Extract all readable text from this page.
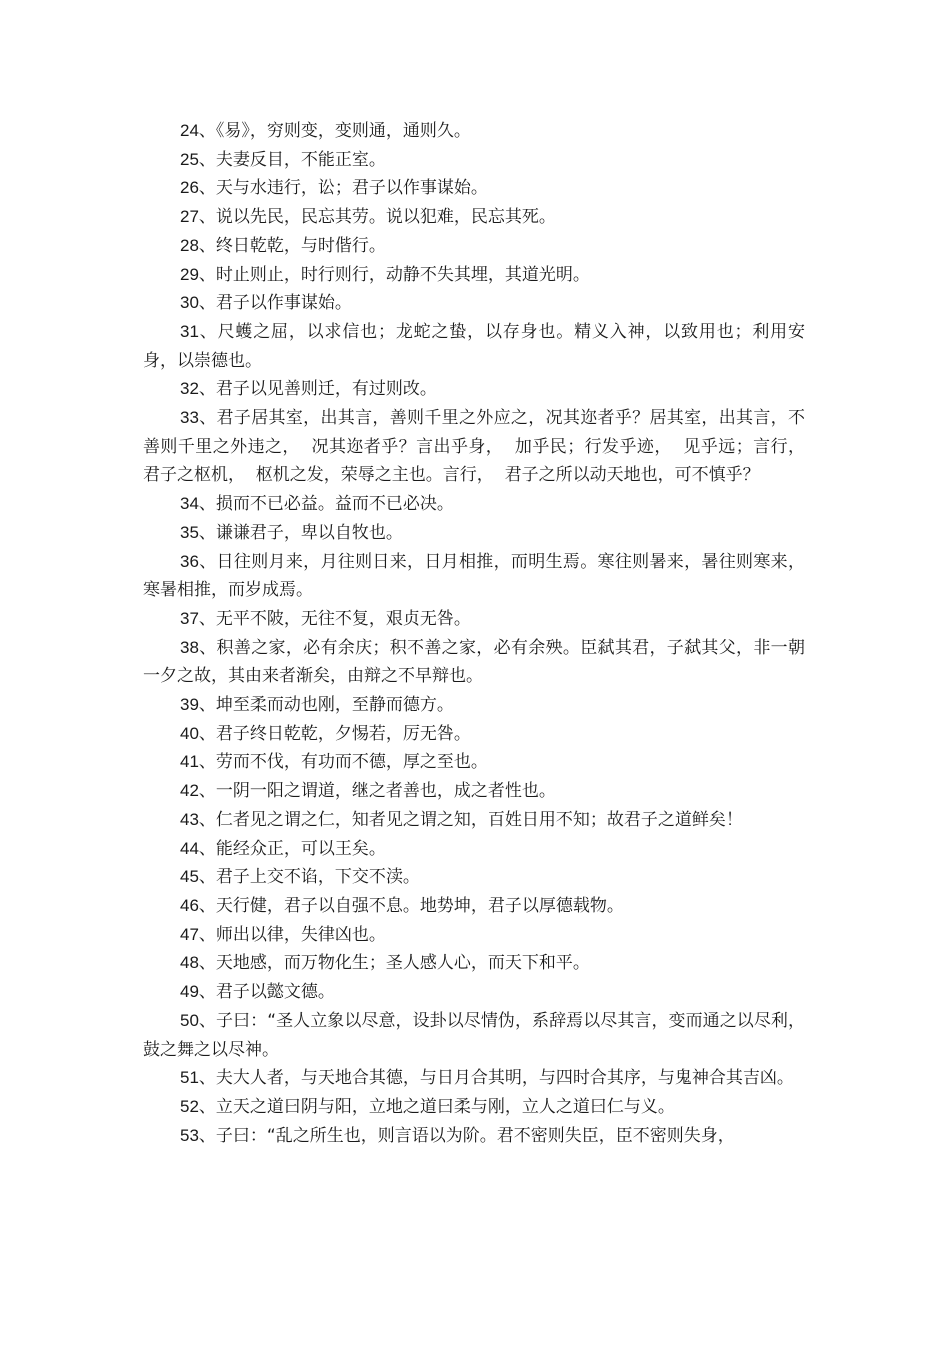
24、《易》，穷则变，变则通，通则久。

25、夫妻反目，不能正室。

26、天与水违行，讼；君子以作事谋始。

27、说以先民，民忘其劳。说以犯难，民忘其死。

28、终日乾乾，与时偕行。

29、时止则止，时行则行，动静不失其埋，其道光明。

30、君子以作事谋始。

31、尺蠖之屈，以求信也；龙蛇之蛰，以存身也。精义入神，以致用也；利用安身，以崇德也。

32、君子以见善则迁，有过则改。

33、君子居其室，出其言，善则千里之外应之，况其迩者乎？居其室，出其言，不善则千里之外违之，  况其迩者乎？言出乎身，  加乎民；行发乎迹，  见乎远；言行，  君子之枢机，  枢机之发，荣辱之主也。言行，  君子之所以动天地也，可不慎乎？

34、损而不已必益。益而不已必决。

35、谦谦君子，卑以自牧也。

36、日往则月来，月往则日来，日月相推，而明生焉。寒往则暑来，暑往则寒来，寒暑相推，而岁成焉。

37、无平不陂，无往不复，艰贞无咎。

38、积善之家，必有余庆；积不善之家，必有余殃。臣弑其君，子弑其父，非一朝一夕之故，其由来者渐矣，由辩之不早辩也。

39、坤至柔而动也刚，至静而德方。

40、君子终日乾乾，夕惕若，厉无咎。

41、劳而不伐，有功而不德，厚之至也。

42、一阴一阳之谓道，继之者善也，成之者性也。

43、仁者见之谓之仁，知者见之谓之知，百姓日用不知；故君子之道鲜矣！

44、能经众正，可以王矣。

45、君子上交不谄，下交不渎。

46、天行健，君子以自强不息。地势坤，君子以厚德载物。

47、师出以律，失律凶也。

48、天地感，而万物化生；圣人感人心，而天下和平。

49、君子以懿文德。

50、子曰：“圣人立象以尽意，设卦以尽情伪，系辞焉以尽其言，变而通之以尽利，鼓之舞之以尽神。

51、夫大人者，与天地合其德，与日月合其明，与四时合其序，与鬼神合其吉凶。

52、立天之道曰阴与阳，立地之道曰柔与刚，立人之道曰仁与义。

53、子曰：“乱之所生也，则言语以为阶。君不密则失臣，臣不密则失身，
